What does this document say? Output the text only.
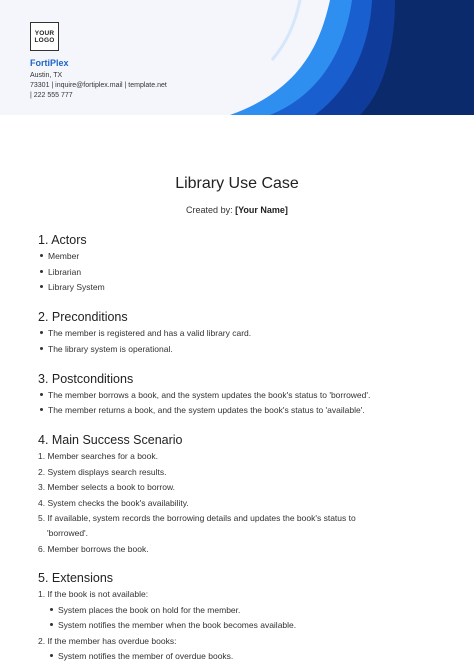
YOUR
LOGO
FortiPlex
Austin, TX
73301 | inquire@fortiplex.mail | template.net
| 222 555 777
Library Use Case
Created by: [Your Name]
1. Actors
Member
Librarian
Library System
2. Preconditions
The member is registered and has a valid library card.
The library system is operational.
3. Postconditions
The member borrows a book, and the system updates the book's status to 'borrowed'.
The member returns a book, and the system updates the book's status to 'available'.
4. Main Success Scenario
1. Member searches for a book.
2. System displays search results.
3. Member selects a book to borrow.
4. System checks the book's availability.
5. If available, system records the borrowing details and updates the book's status to
'borrowed'.
6. Member borrows the book.
5. Extensions
1. If the book is not available:
System places the book on hold for the member.
System notifies the member when the book becomes available.
2. If the member has overdue books:
System notifies the member of overdue books.
